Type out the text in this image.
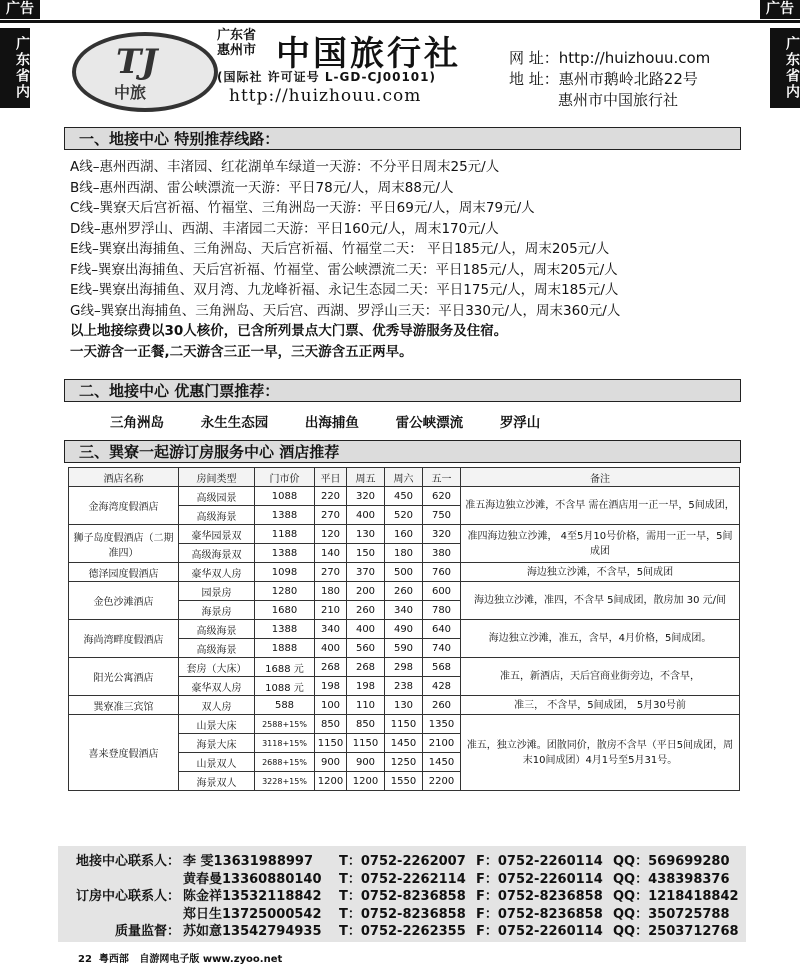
广告	广告
广东省内	广东省内
TJ
中旅
广东省
惠州市 中国旅行社
(国际社 许可证号 L-GD-CJ00101)
http://huizhouu.com
网 址：http://huizhouu.com
地 址：惠州市鹅岭北路22号
惠州市中国旅行社
一、地接中心 特别推荐线路：
A线–惠州西湖、丰渚园、红花湖单车绿道一天游：不分平日周末25元/人
B线–惠州西湖、雷公峡漂流一天游：平日78元/人，周末88元/人
C线–巽寮天后宫祈福、竹福堂、三角洲岛一天游：平日69元/人，周末79元/人
D线–惠州罗浮山、西湖、丰渚园二天游：平日160元/人，周末170元/人
E线–巽寮出海捕鱼、三角洲岛、天后宫祈福、竹福堂二天： 平日185元/人，周末205元/人
F线–巽寮出海捕鱼、天后宫祈福、竹福堂、雷公峡漂流二天：平日185元/人，周末205元/人
E线–巽寮出海捕鱼、双月湾、九龙峰祈福、永记生态园二天：平日175元/人，周末185元/人
G线–巽寮出海捕鱼、三角洲岛、天后宫、西湖、罗浮山三天：平日330元/人，周末360元/人
以上地接综费以30人核价，已含所列景点大门票、优秀导游服务及住宿。
一天游含一正餐,二天游含三正一早，三天游含五正两早。
二、地接中心 优惠门票推荐：
三角洲岛	永生生态园	出海捕鱼	雷公峡漂流	罗浮山
三、巽寮一起游订房服务中心 酒店推荐
酒店名称	房间类型	门市价	平日	周五	周六	五一	备注
金海湾度假酒店	高级园景	1088	220	320	450	620	准五海边独立沙滩，不含早 需在酒店用一正一早，5间成团，
	高级海景	1388	270	400	520	750	
狮子岛度假酒店（二期准四）	豪华园景双	1188	120	130	160	320	准四海边独立沙滩， 4至5月10号价格，需用一正一早，5间成团
	高级海景双	1388	140	150	180	380	
德泽园度假酒店	豪华双人房	1098	270	370	500	760	海边独立沙滩，不含早，5间成团
金色沙滩酒店	园景房	1280	180	200	260	600	海边独立沙滩，准四，不含早 5间成团，散房加 30 元/间
	海景房	1680	210	260	340	780	
海尚湾畔度假酒店	高级海景	1388	340	400	490	640	海边独立沙滩，准五，含早，4月价格，5间成团。
	高级海景	1888	400	560	590	740	
阳光公寓酒店	套房（大床）	1688 元	268	268	298	568	准五，新酒店，天后宫商业街旁边，不含早，
	豪华双人房	1088 元	198	198	238	428	
巽寮准三宾馆	双人房	588	100	110	130	260	准三， 不含早，5间成团， 5月30号前
喜来登度假酒店	山景大床	2588+15%	850	850	1150	1350	准五，独立沙滩。团散同价，散房不含早（平日5间成团，周末10间成团）4月1号至5月31号。
	海景大床	3118+15%	1150	1150	1450	2100	
	山景双人	2688+15%	900	900	1250	1450	
	海景双人	3228+15%	1200	1200	1550	2200	
地接中心联系人： 李 雯13631988997 T：0752-2262007 F：0752-2260114 QQ：569699280
黄春曼13360880140 T：0752-2262114 F：0752-2260114 QQ：438398376
订房中心联系人： 陈金祥13532118842 T：0752-8236858 F：0752-8236858 QQ：1218418842
郑日生13725000542 T：0752-8236858 F：0752-8236858 QQ：350725788
质量监督： 苏如意13542794935 T：0752-2262355 F：0752-2260114 QQ：2503712768
22 粤西部 自游网电子版 www.zyoo.net
